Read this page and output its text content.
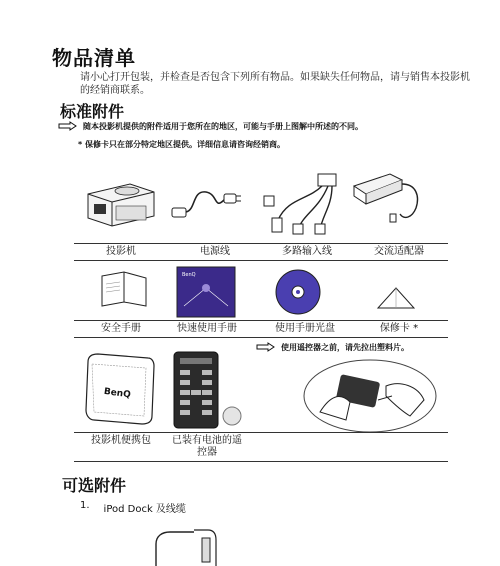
物品清单
请小心打开包装，并检查是否包含下列所有物品。如果缺失任何物品，请与销售本投影机的经销商联系。
标准附件
随本投影机提供的附件适用于您所在的地区，可能与手册上图解中所述的不同。
* 保修卡只在部分特定地区提供。详细信息请咨询经销商。
投影机	电源线	多路输入线	交流适配器
BenQ
安全手册	快速使用手册	使用手册光盘	保修卡 *
BenQ
使用遥控器之前，请先拉出塑料片。
投影机便携包	已装有电池的遥控器
可选附件
1. iPod Dock 及线缆
